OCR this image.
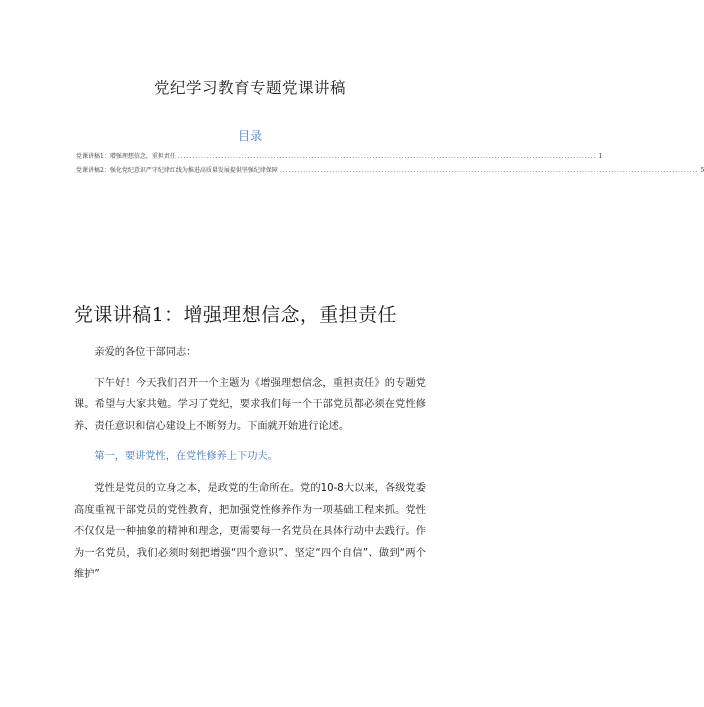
党纪学习教育专题党课讲稿
目录
党课讲稿1：增强理想信念，重担责任 ................................................................................................................................................ 1
党课讲稿2：强化党纪意识严守纪律红线为推进高质量发展提供坚强纪律保障 ................................................................................................................................................ 5
党课讲稿1：增强理想信念，重担责任

亲爱的各位干部同志：

下午好！今天我们召开一个主题为《增强理想信念，重担责任》的专题党课。希望与大家共勉。学习了党纪，要求我们每一个干部党员都必须在党性修养、责任意识和信心建设上不断努力。下面就开始进行论述。

第一，要讲党性，在党性修养上下功夫。

党性是党员的立身之本，是政党的生命所在。党的10-8大以来，各级党委高度重视干部党员的党性教育，把加强党性修养作为一项基础工程来抓。党性不仅仅是一种抽象的精神和理念，更需要每一名党员在具体行动中去践行。作为一名党员，我们必须时刻把增强“四个意识”、坚定“四个自信”、做到“两个维护”
